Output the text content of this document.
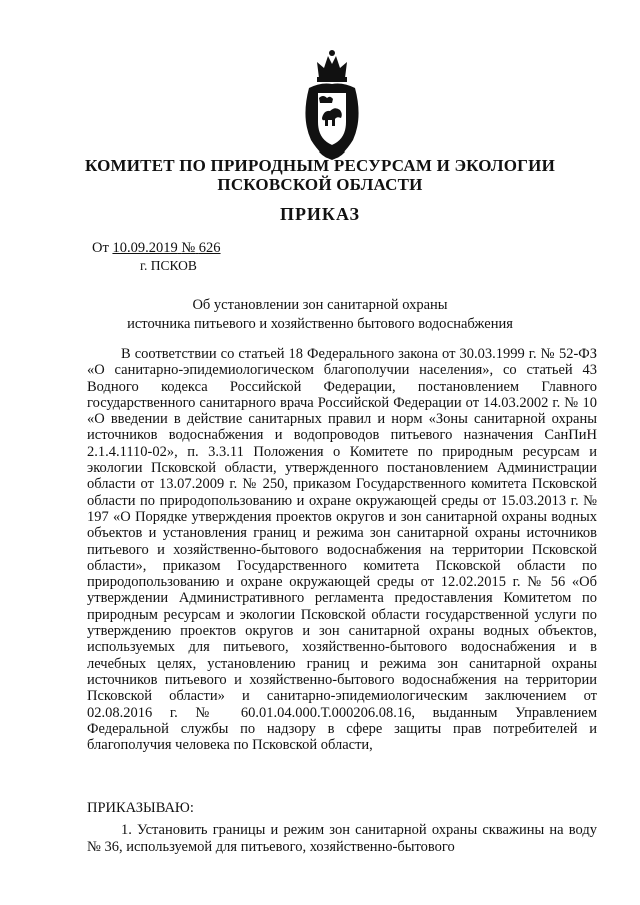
КОМИТЕТ ПО ПРИРОДНЫМ РЕСУРСАМ И ЭКОЛОГИИ
ПСКОВСКОЙ ОБЛАСТИ
ПРИКАЗ
От 10.09.2019 № 626
г. ПСКОВ
Об установлении зон санитарной охраны
источника питьевого и хозяйственно бытового водоснабжения
В соответствии со статьей 18 Федерального закона от 30.03.1999 г. № 52-ФЗ «О санитарно-эпидемиологическом благополучии населения», со статьей 43 Водного кодекса Российской Федерации, постановлением Главного государственного санитарного врача Российской Федерации от 14.03.2002 г. № 10 «О введении в действие санитарных правил и норм «Зоны санитарной охраны источников водоснабжения и водопроводов питьевого назначения СанПиН 2.1.4.1110-02», п. 3.3.11 Положения о Комитете по природным ресурсам и экологии Псковской области, утвержденного постановлением Администрации области от 13.07.2009 г. № 250, приказом Государственного комитета Псковской области по природопользованию и охране окружающей среды от 15.03.2013 г. № 197 «О Порядке утверждения проектов округов и зон санитарной охраны водных объектов и установления границ и режима зон санитарной охраны источников питьевого и хозяйственно-бытового водоснабжения на территории Псковской области», приказом Государственного комитета Псковской области по природопользованию и охране окружающей среды от 12.02.2015 г. № 56 «Об утверждении Административного регламента предоставления Комитетом по природным ресурсам и экологии Псковской области государственной услуги по утверждению проектов округов и зон санитарной охраны водных объектов, используемых для питьевого, хозяйственно-бытового водоснабжения и в лечебных целях, установлению границ и режима зон санитарной охраны источников питьевого и хозяйственно-бытового водоснабжения на территории Псковской области» и санитарно-эпидемиологическим заключением от 02.08.2016 г. № 60.01.04.000.Т.000206.08.16, выданным Управлением Федеральной службы по надзору в сфере защиты прав потребителей и благополучия человека по Псковской области,
ПРИКАЗЫВАЮ:
1. Установить границы и режим зон санитарной охраны скважины на воду № 36, используемой для питьевого, хозяйственно-бытового
